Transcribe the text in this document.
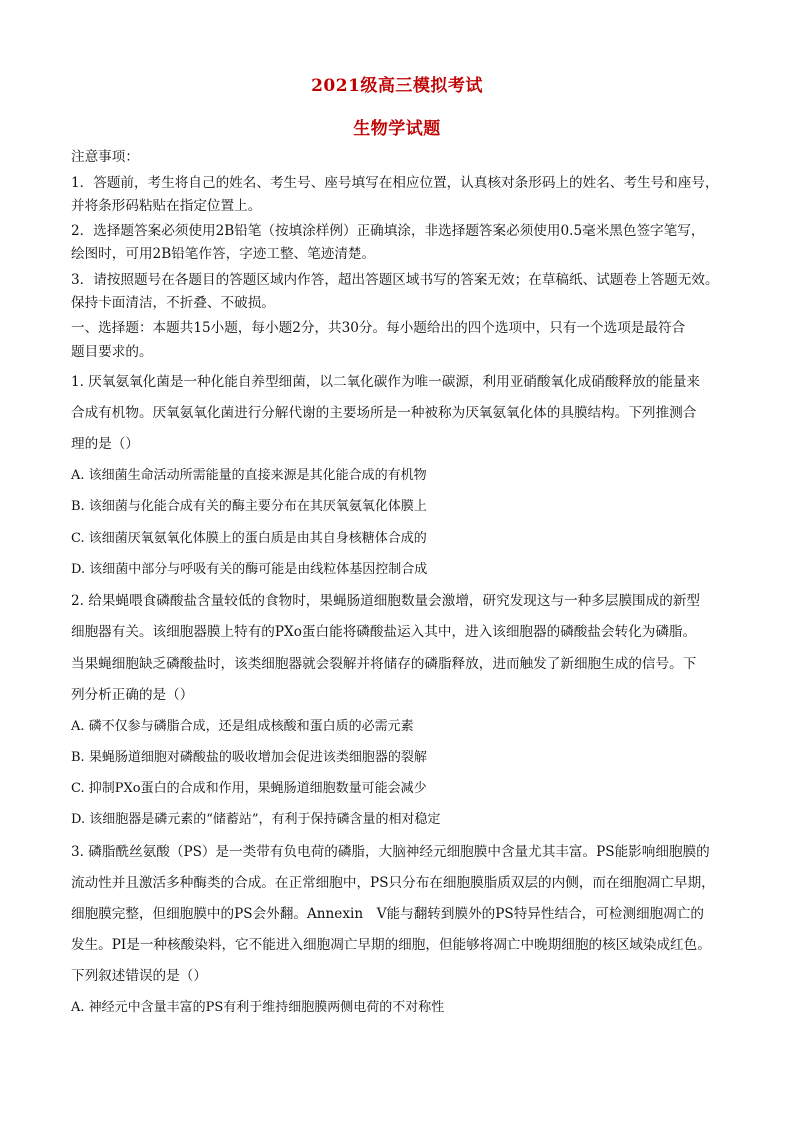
2021级高三模拟考试
生物学试题
注意事项：
1．答题前，考生将自己的姓名、考生号、座号填写在相应位置，认真核对条形码上的姓名、考生号和座号，
并将条形码粘贴在指定位置上。
2．选择题答案必须使用2B铅笔（按填涂样例）正确填涂，非选择题答案必须使用0.5毫米黑色签字笔写，
绘图时，可用2B铅笔作答，字迹工整、笔迹清楚。
3．请按照题号在各题目的答题区域内作答，超出答题区域书写的答案无效；在草稿纸、试题卷上答题无效。
保持卡面清洁，不折叠、不破损。
一、选择题：本题共15小题，每小题2分，共30分。每小题给出的四个选项中，只有一个选项是最符合
题目要求的。
1. 厌氧氨氧化菌是一种化能自养型细菌，以二氧化碳作为唯一碳源，利用亚硝酸氧化成硝酸释放的能量来
合成有机物。厌氧氨氧化菌进行分解代谢的主要场所是一种被称为厌氧氨氧化体的具膜结构。下列推测合
理的是（）
A. 该细菌生命活动所需能量的直接来源是其化能合成的有机物
B. 该细菌与化能合成有关的酶主要分布在其厌氧氨氧化体膜上
C. 该细菌厌氧氨氧化体膜上的蛋白质是由其自身核糖体合成的
D. 该细菌中部分与呼吸有关的酶可能是由线粒体基因控制合成
2. 给果蝇喂食磷酸盐含量较低的食物时，果蝇肠道细胞数量会激增，研究发现这与一种多层膜围成的新型
细胞器有关。该细胞器膜上特有的PXo蛋白能将磷酸盐运入其中，进入该细胞器的磷酸盐会转化为磷脂。
当果蝇细胞缺乏磷酸盐时，该类细胞器就会裂解并将储存的磷脂释放，进而触发了新细胞生成的信号。下
列分析正确的是（）
A. 磷不仅参与磷脂合成，还是组成核酸和蛋白质的必需元素
B. 果蝇肠道细胞对磷酸盐的吸收增加会促进该类细胞器的裂解
C. 抑制PXo蛋白的合成和作用，果蝇肠道细胞数量可能会减少
D. 该细胞器是磷元素的“储蓄站”，有利于保持磷含量的相对稳定
3. 磷脂酰丝氨酸（PS）是一类带有负电荷的磷脂，大脑神经元细胞膜中含量尤其丰富。PS能影响细胞膜的
流动性并且激活多种酶类的合成。在正常细胞中，PS只分布在细胞膜脂质双层的内侧，而在细胞凋亡早期，
细胞膜完整，但细胞膜中的PS会外翻。Annexin　V能与翻转到膜外的PS特异性结合，可检测细胞凋亡的
发生。PI是一种核酸染料，它不能进入细胞凋亡早期的细胞，但能够将凋亡中晚期细胞的核区域染成红色。
下列叙述错误的是（）
A. 神经元中含量丰富的PS有利于维持细胞膜两侧电荷的不对称性
